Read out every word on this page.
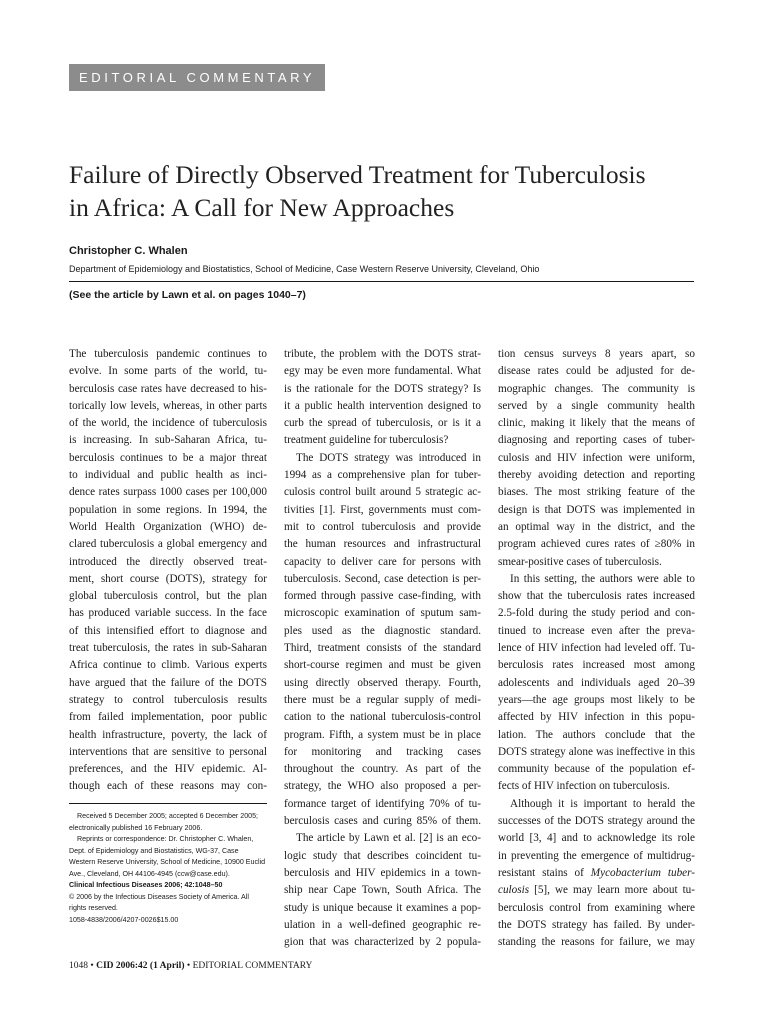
EDITORIAL COMMENTARY
Failure of Directly Observed Treatment for Tuberculosis
in Africa: A Call for New Approaches
Christopher C. Whalen
Department of Epidemiology and Biostatistics, School of Medicine, Case Western Reserve University, Cleveland, Ohio
(See the article by Lawn et al. on pages 1040–7)
The tuberculosis pandemic continues to
evolve. In some parts of the world, tu-
berculosis case rates have decreased to his-
torically low levels, whereas, in other parts
of the world, the incidence of tuberculosis
is increasing. In sub-Saharan Africa, tu-
berculosis continues to be a major threat
to individual and public health as inci-
dence rates surpass 1000 cases per 100,000
population in some regions. In 1994, the
World Health Organization (WHO) de-
clared tuberculosis a global emergency and
introduced the directly observed treat-
ment, short course (DOTS), strategy for
global tuberculosis control, but the plan
has produced variable success. In the face
of this intensified effort to diagnose and
treat tuberculosis, the rates in sub-Saharan
Africa continue to climb. Various experts
have argued that the failure of the DOTS
strategy to control tuberculosis results
from failed implementation, poor public
health infrastructure, poverty, the lack of
interventions that are sensitive to personal
preferences, and the HIV epidemic. Al-
though each of these reasons may con-
tribute, the problem with the DOTS strat-
egy may be even more fundamental. What
is the rationale for the DOTS strategy? Is
it a public health intervention designed to
curb the spread of tuberculosis, or is it a
treatment guideline for tuberculosis?
The DOTS strategy was introduced in
1994 as a comprehensive plan for tuber-
culosis control built around 5 strategic ac-
tivities [1]. First, governments must com-
mit to control tuberculosis and provide
the human resources and infrastructural
capacity to deliver care for persons with
tuberculosis. Second, case detection is per-
formed through passive case-finding, with
microscopic examination of sputum sam-
ples used as the diagnostic standard.
Third, treatment consists of the standard
short-course regimen and must be given
using directly observed therapy. Fourth,
there must be a regular supply of medi-
cation to the national tuberculosis-control
program. Fifth, a system must be in place
for monitoring and tracking cases
throughout the country. As part of the
strategy, the WHO also proposed a per-
formance target of identifying 70% of tu-
berculosis cases and curing 85% of them.
The article by Lawn et al. [2] is an eco-
logic study that describes coincident tu-
berculosis and HIV epidemics in a town-
ship near Cape Town, South Africa. The
study is unique because it examines a pop-
ulation in a well-defined geographic re-
gion that was characterized by 2 popula-
tion census surveys 8 years apart, so
disease rates could be adjusted for de-
mographic changes. The community is
served by a single community health
clinic, making it likely that the means of
diagnosing and reporting cases of tuber-
culosis and HIV infection were uniform,
thereby avoiding detection and reporting
biases. The most striking feature of the
design is that DOTS was implemented in
an optimal way in the district, and the
program achieved cures rates of ≥80% in
smear-positive cases of tuberculosis.
In this setting, the authors were able to
show that the tuberculosis rates increased
2.5-fold during the study period and con-
tinued to increase even after the preva-
lence of HIV infection had leveled off. Tu-
berculosis rates increased most among
adolescents and individuals aged 20–39
years—the age groups most likely to be
affected by HIV infection in this popu-
lation. The authors conclude that the
DOTS strategy alone was ineffective in this
community because of the population ef-
fects of HIV infection on tuberculosis.
Although it is important to herald the
successes of the DOTS strategy around the
world [3, 4] and to acknowledge its role
in preventing the emergence of multidrug-
resistant stains of Mycobacterium tuber-
culosis [5], we may learn more about tu-
berculosis control from examining where
the DOTS strategy has failed. By under-
standing the reasons for failure, we may
Received 5 December 2005; accepted 6 December 2005;
electronically published 16 February 2006.
Reprints or correspondence: Dr. Christopher C. Whalen,
Dept. of Epidemiology and Biostatistics, WG-37, Case
Western Reserve University, School of Medicine, 10900 Euclid
Ave., Cleveland, OH 44106-4945 (ccw@case.edu).
Clinical Infectious Diseases 2006; 42:1048–50
© 2006 by the Infectious Diseases Society of America. All
rights reserved.
1058-4838/2006/4207-0026$15.00
1048 • CID 2006:42 (1 April) • EDITORIAL COMMENTARY
